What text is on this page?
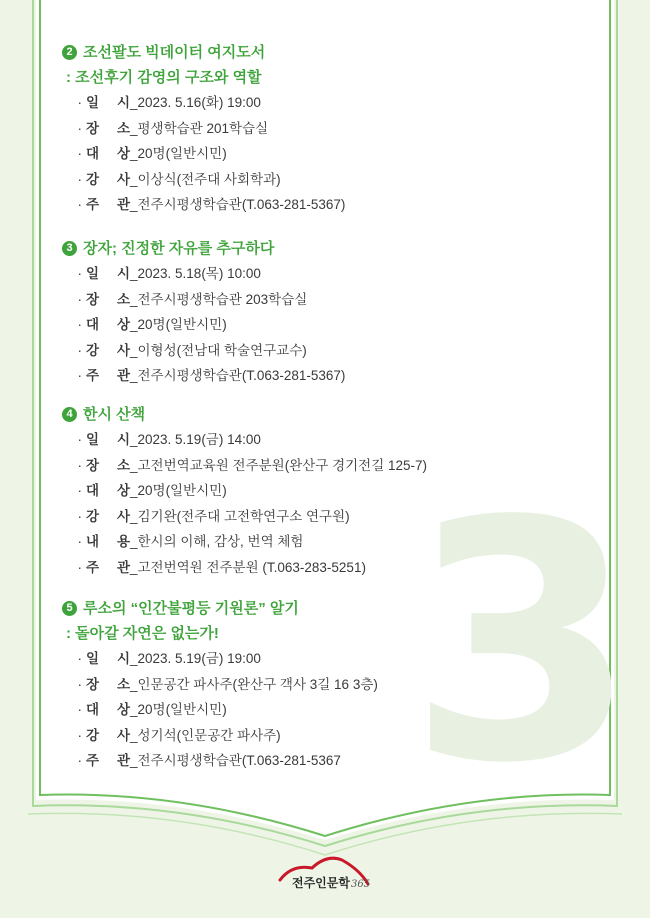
3
2 조선팔도 빅데이터 여지도서
: 조선후기 감영의 구조와 역할
· 일 시 _2023. 5.16(화) 19:00
· 장 소 _평생학습관 201학습실
· 대 상 _20명(일반시민)
· 강 사 _이상식(전주대 사회학과)
· 주 관 _전주시평생학습관(T.063-281-5367)
3 장자; 진정한 자유를 추구하다
· 일 시 _2023. 5.18(목) 10:00
· 장 소 _전주시평생학습관 203학습실
· 대 상 _20명(일반시민)
· 강 사 _이형성(전남대 학술연구교수)
· 주 관 _전주시평생학습관(T.063-281-5367)
4 한시 산책
· 일 시 _2023. 5.19(금) 14:00
· 장 소 _고전번역교육원 전주분원(완산구 경기전길 125-7)
· 대 상 _20명(일반시민)
· 강 사 _김기완(전주대 고전학연구소 연구원)
· 내 용 _한시의 이해, 감상, 번역 체험
· 주 관 _고전번역원 전주분원 (T.063-283-5251)
5 루소의 “인간불평등 기원론” 알기
: 돌아갈 자연은 없는가!
· 일 시 _2023. 5.19(금) 19:00
· 장 소 _인문공간 파사주(완산구 객사 3길 16 3층)
· 대 상 _20명(일반시민)
· 강 사 _성기석(인문공간 파사주)
· 주 관 _전주시평생학습관(T.063-281-5367
전주인문학365
